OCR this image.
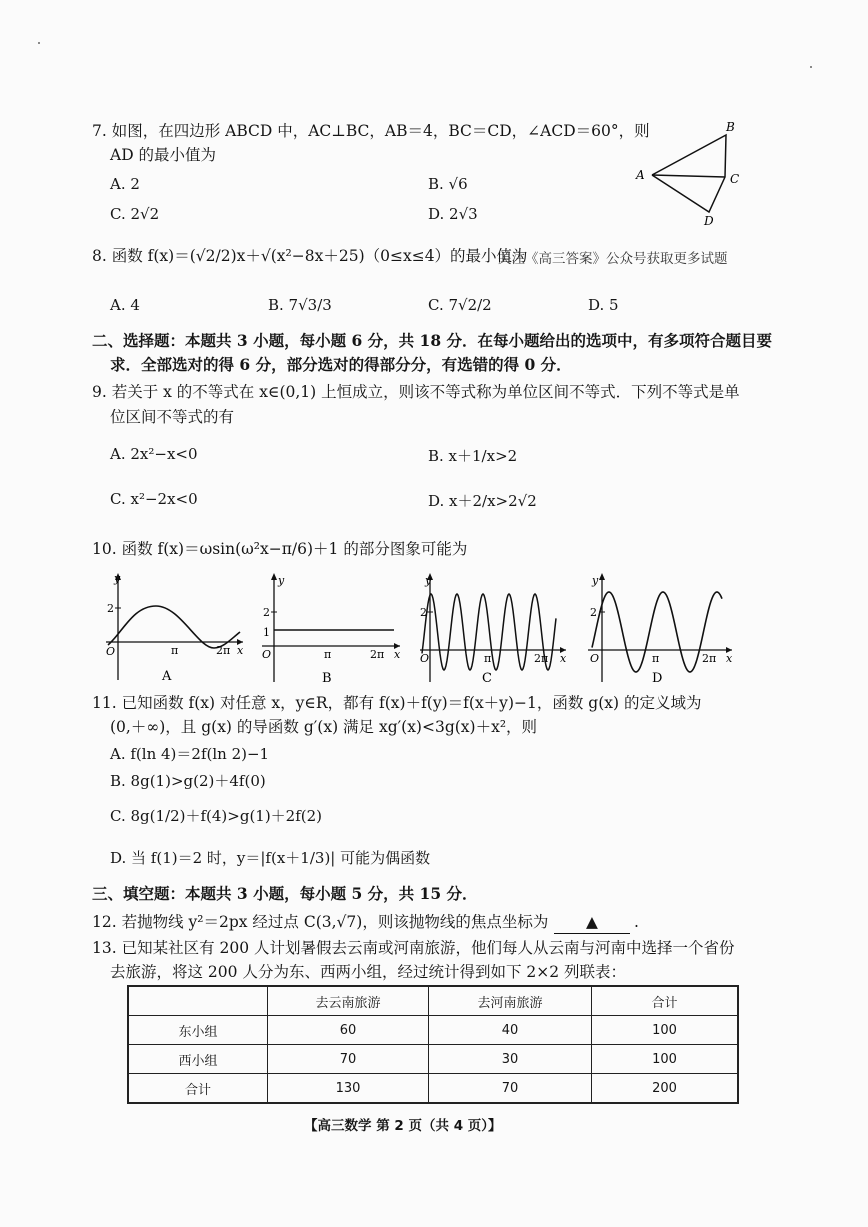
7. 如图，在四边形 ABCD 中，AC⊥BC，AB＝4，BC＝CD，∠ACD＝60°，则
AD 的最小值为
A. 2	B. √6
C. 2√2	D. 2√3
B
A	C
D
8. 函数 f(x)＝(√2/2)x＋√(x²−8x＋25)（0≤x≤4）的最小值为
关注《高三答案》公众号获取更多试题
A. 4	B. 7√3/3	C. 7√2/2	D. 5
二、选择题：本题共 3 小题，每小题 6 分，共 18 分．在每小题给出的选项中，有多项符合题目要
求．全部选对的得 6 分，部分选对的得部分分，有选错的得 0 分．
9. 若关于 x 的不等式在 x∈(0,1) 上恒成立，则该不等式称为单位区间不等式．下列不等式是单
位区间不等式的有
A. 2x²−x<0	B. x＋1/x>2
C. x²−2x<0	D. x＋2/x>2√2
10. 函数 f(x)＝ωsin(ω²x−π/6)＋1 的部分图象可能为
y
x
O
2
π	2π
A
y
x
O
2
1
π	2π
B
y
x
O
2
π	2π
C
y
x
O
2
π	2π
D
11. 已知函数 f(x) 对任意 x，y∈R，都有 f(x)＋f(y)＝f(x＋y)−1，函数 g(x) 的定义域为
(0,＋∞)，且 g(x) 的导函数 g′(x) 满足 xg′(x)<3g(x)＋x²，则
A. f(ln 4)＝2f(ln 2)−1
B. 8g(1)>g(2)＋4f(0)
C. 8g(1/2)＋f(4)>g(1)＋2f(2)
D. 当 f(1)＝2 时，y＝|f(x＋1/3)| 可能为偶函数
三、填空题：本题共 3 小题，每小题 5 分，共 15 分．
12. 若抛物线 y²＝2px 经过点 C(3,√7)，则该抛物线的焦点坐标为	▲	.
13. 已知某社区有 200 人计划暑假去云南或河南旅游，他们每人从云南与河南中选择一个省份
去旅游，将这 200 人分为东、西两小组，经过统计得到如下 2×2 列联表：
	去云南旅游	去河南旅游	合计
东小组	60	40	100
西小组	70	30	100
合计	130	70	200
【高三数学 第 2 页（共 4 页）】
